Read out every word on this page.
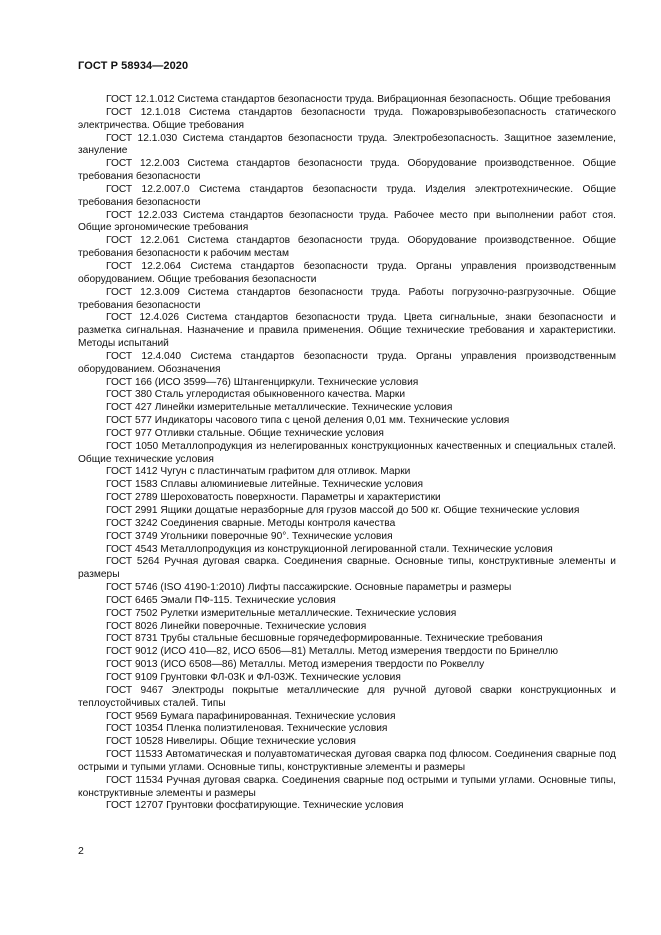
ГОСТ Р 58934—2020

ГОСТ 12.1.012 Система стандартов безопасности труда. Вибрационная безопасность. Общие требования

ГОСТ 12.1.018 Система стандартов безопасности труда. Пожаровзрывобезопасность статического электричества. Общие требования

ГОСТ 12.1.030 Система стандартов безопасности труда. Электробезопасность. Защитное заземление, зануление

ГОСТ 12.2.003 Система стандартов безопасности труда. Оборудование производственное. Общие требования безопасности

ГОСТ 12.2.007.0 Система стандартов безопасности труда. Изделия электротехнические. Общие требования безопасности

ГОСТ 12.2.033 Система стандартов безопасности труда. Рабочее место при выполнении работ стоя. Общие эргономические требования

ГОСТ 12.2.061 Система стандартов безопасности труда. Оборудование производственное. Общие требования безопасности к рабочим местам

ГОСТ 12.2.064 Система стандартов безопасности труда. Органы управления производственным оборудованием. Общие требования безопасности

ГОСТ 12.3.009 Система стандартов безопасности труда. Работы погрузочно-разгрузочные. Общие требования безопасности

ГОСТ 12.4.026 Система стандартов безопасности труда. Цвета сигнальные, знаки безопасности и разметка сигнальная. Назначение и правила применения. Общие технические требования и характеристики. Методы испытаний

ГОСТ 12.4.040 Система стандартов безопасности труда. Органы управления производственным оборудованием. Обозначения

ГОСТ 166 (ИСО 3599—76) Штангенциркули. Технические условия

ГОСТ 380 Сталь углеродистая обыкновенного качества. Марки

ГОСТ 427 Линейки измерительные металлические. Технические условия

ГОСТ 577 Индикаторы часового типа с ценой деления 0,01 мм. Технические условия

ГОСТ 977 Отливки стальные. Общие технические условия

ГОСТ 1050 Металлопродукция из нелегированных конструкционных качественных и специальных сталей. Общие технические условия

ГОСТ 1412 Чугун с пластинчатым графитом для отливок. Марки

ГОСТ 1583 Сплавы алюминиевые литейные. Технические условия

ГОСТ 2789 Шероховатость поверхности. Параметры и характеристики

ГОСТ 2991 Ящики дощатые неразборные для грузов массой до 500 кг. Общие технические условия

ГОСТ 3242 Соединения сварные. Методы контроля качества

ГОСТ 3749 Угольники поверочные 90°. Технические условия

ГОСТ 4543 Металлопродукция из конструкционной легированной стали. Технические условия

ГОСТ 5264 Ручная дуговая сварка. Соединения сварные. Основные типы, конструктивные элементы и размеры

ГОСТ 5746 (ISO 4190-1:2010) Лифты пассажирские. Основные параметры и размеры

ГОСТ 6465 Эмали ПФ-115. Технические условия

ГОСТ 7502 Рулетки измерительные металлические. Технические условия

ГОСТ 8026 Линейки поверочные. Технические условия

ГОСТ 8731 Трубы стальные бесшовные горячедеформированные. Технические требования

ГОСТ 9012 (ИСО 410—82, ИСО 6506—81) Металлы. Метод измерения твердости по Бринеллю

ГОСТ 9013 (ИСО 6508—86) Металлы. Метод измерения твердости по Роквеллу

ГОСТ 9109 Грунтовки ФЛ-03К и ФЛ-03Ж. Технические условия

ГОСТ 9467 Электроды покрытые металлические для ручной дуговой сварки конструкционных и теплоустойчивых сталей. Типы

ГОСТ 9569 Бумага парафинированная. Технические условия

ГОСТ 10354 Пленка полиэтиленовая. Технические условия

ГОСТ 10528 Нивелиры. Общие технические условия

ГОСТ 11533 Автоматическая и полуавтоматическая дуговая сварка под флюсом. Соединения сварные под острыми и тупыми углами. Основные типы, конструктивные элементы и размеры

ГОСТ 11534 Ручная дуговая сварка. Соединения сварные под острыми и тупыми углами. Основные типы, конструктивные элементы и размеры

ГОСТ 12707 Грунтовки фосфатирующие. Технические условия

2
